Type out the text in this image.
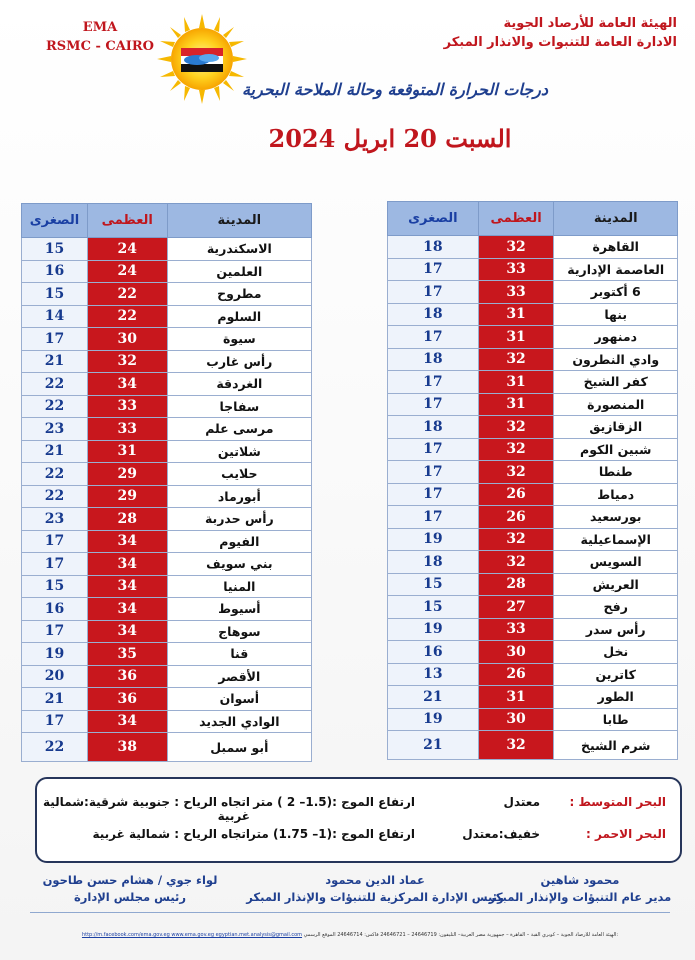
EMA
RSMC - CAIRO
الهيئة العامة للأرصاد الجوية
الادارة العامة للتنبوات والانذار المبكر
درجات الحرارة المتوقعة وحالة الملاحة البحرية
السبت 20 ابريل 2024
المدينة	العظمى	الصغرى
القاهرة	32	18
العاصمة الإدارية	33	17
6 أكتوبر	33	17
بنها	31	18
دمنهور	31	17
وادي النطرون	32	18
كفر الشيخ	31	17
المنصورة	31	17
الزقازيق	32	18
شبين الكوم	32	17
طنطا	32	17
دمياط	26	17
بورسعيد	26	17
الإسماعيلية	32	19
السويس	32	18
العريش	28	15
رفح	27	15
رأس سدر	33	19
نخل	30	16
كاترين	26	13
الطور	31	21
طابا	30	19
شرم الشيخ	32	21
المدينة	العظمى	الصغرى
الاسكندرية	24	15
العلمين	24	16
مطروح	22	15
السلوم	22	14
سيوة	30	17
رأس غارب	32	21
الغردقة	34	22
سفاجا	33	22
مرسى علم	33	23
شلاتين	31	21
حلايب	29	22
أبورماد	29	22
رأس حدربة	28	23
الفيوم	34	17
بني سويف	34	17
المنيا	34	15
أسيوط	34	16
سوهاج	34	17
قنا	35	19
الأقصر	36	20
أسوان	36	21
الوادي الجديد	34	17
أبو سمبل	38	22
البحر المتوسط :
معتدل
ارتفاع الموج :(1.5– 2 ) متر
اتجاه الرياح : جنوبية شرقية:شمالية غربية
البحر الاحمر :
خفيف:معتدل
ارتفاع الموج :(1– 1.75) متر
اتجاه الرياح : شمالية غربية
محمود شاهين
مدير عام التنبؤات والإنذار المبكر
عماد الدين محمود
رئيس الإدارة المركزية للتنبؤات والإنذار المبكر
لواء جوي / هشام حسن طاحون
رئيس مجلس الإدارة
http://m.facebook.com/ema.gov.eg www.ema.gov.eg egyptian.met.analysis@gmail.com الهيئة العامة للأرصاد الجوية – كوبري القبة – القاهرة – جمهورية مصر العربية– التليفون: 24646719 – 24646721 فاكس: 24646714 الموقع الرسمي:
